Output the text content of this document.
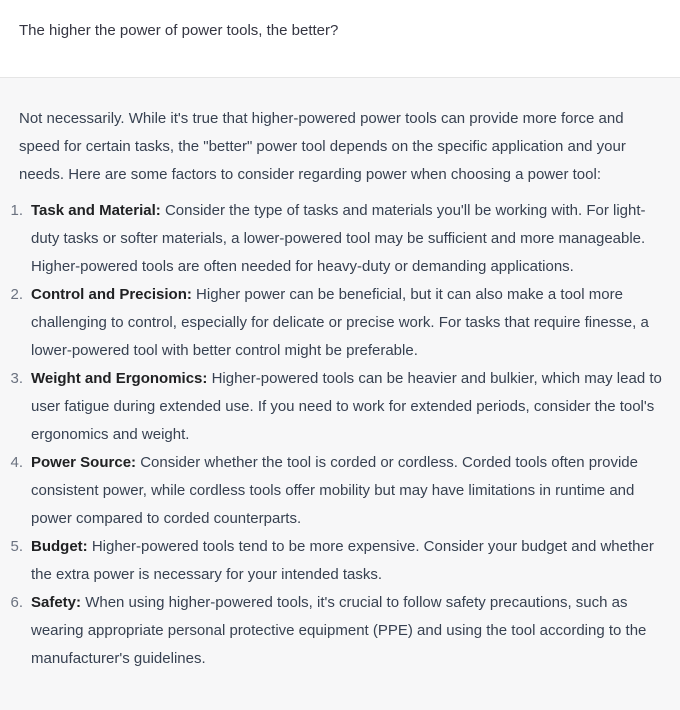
The higher the power of power tools, the better?
Not necessarily. While it's true that higher-powered power tools can provide more force and speed for certain tasks, the "better" power tool depends on the specific application and your needs. Here are some factors to consider regarding power when choosing a power tool:
1. Task and Material: Consider the type of tasks and materials you'll be working with. For light-duty tasks or softer materials, a lower-powered tool may be sufficient and more manageable. Higher-powered tools are often needed for heavy-duty or demanding applications.
2. Control and Precision: Higher power can be beneficial, but it can also make a tool more challenging to control, especially for delicate or precise work. For tasks that require finesse, a lower-powered tool with better control might be preferable.
3. Weight and Ergonomics: Higher-powered tools can be heavier and bulkier, which may lead to user fatigue during extended use. If you need to work for extended periods, consider the tool's ergonomics and weight.
4. Power Source: Consider whether the tool is corded or cordless. Corded tools often provide consistent power, while cordless tools offer mobility but may have limitations in runtime and power compared to corded counterparts.
5. Budget: Higher-powered tools tend to be more expensive. Consider your budget and whether the extra power is necessary for your intended tasks.
6. Safety: When using higher-powered tools, it's crucial to follow safety precautions, such as wearing appropriate personal protective equipment (PPE) and using the tool according to the manufacturer's guidelines.
